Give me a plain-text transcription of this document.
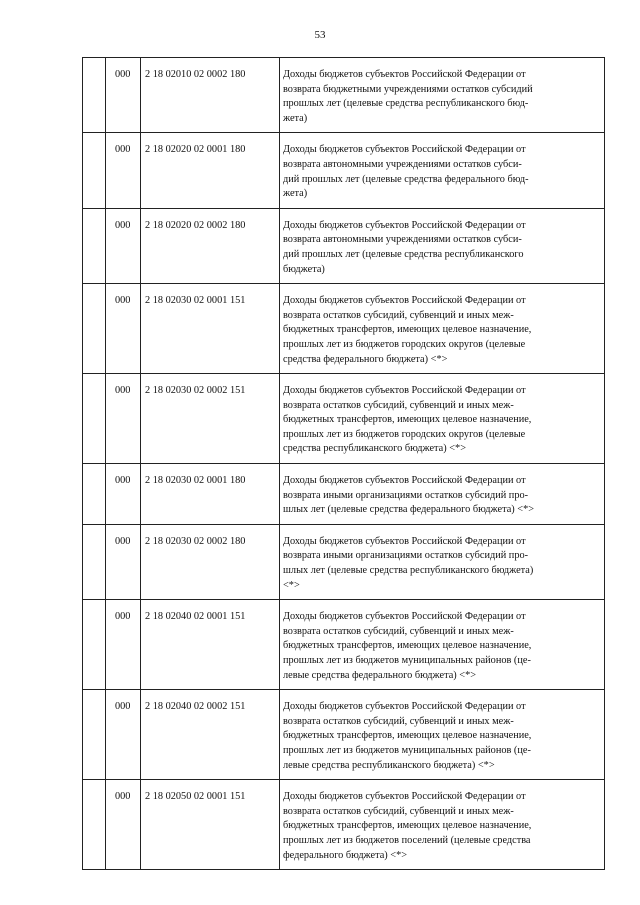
53
	000	2 18 02010 02 0002 180	Доходы бюджетов субъектов Российской Федерации от
возврата бюджетными учреждениями остатков субсидий
прошлых лет (целевые средства республиканского бюд-
жета)

	000	2 18 02020 02 0001 180	Доходы бюджетов субъектов Российской Федерации от
возврата автономными учреждениями остатков субси-
дий прошлых лет (целевые средства федерального бюд-
жета)

	000	2 18 02020 02 0002 180	Доходы бюджетов субъектов Российской Федерации от
возврата автономными учреждениями остатков субси-
дий прошлых лет (целевые средства республиканского
бюджета)

	000	2 18 02030 02 0001 151	Доходы бюджетов субъектов Российской Федерации от
возврата остатков субсидий, субвенций и иных меж-
бюджетных трансфертов, имеющих целевое назначение,
прошлых лет из бюджетов городских округов (целевые
средства федерального бюджета) <*>

	000	2 18 02030 02 0002 151	Доходы бюджетов субъектов Российской Федерации от
возврата остатков субсидий, субвенций и иных меж-
бюджетных трансфертов, имеющих целевое назначение,
прошлых лет из бюджетов городских округов (целевые
средства республиканского бюджета) <*>

	000	2 18 02030 02 0001 180	Доходы бюджетов субъектов Российской Федерации от
возврата иными организациями остатков субсидий про-
шлых лет (целевые средства федерального бюджета) <*>

	000	2 18 02030 02 0002 180	Доходы бюджетов субъектов Российской Федерации от
возврата иными организациями остатков субсидий про-
шлых лет (целевые средства республиканского бюджета)
<*>

	000	2 18 02040 02 0001 151	Доходы бюджетов субъектов Российской Федерации от
возврата остатков субсидий, субвенций и иных меж-
бюджетных трансфертов, имеющих целевое назначение,
прошлых лет из бюджетов муниципальных районов (це-
левые средства федерального бюджета) <*>

	000	2 18 02040 02 0002 151	Доходы бюджетов субъектов Российской Федерации от
возврата остатков субсидий, субвенций и иных меж-
бюджетных трансфертов, имеющих целевое назначение,
прошлых лет из бюджетов муниципальных районов (це-
левые средства республиканского бюджета) <*>

	000	2 18 02050 02 0001 151	Доходы бюджетов субъектов Российской Федерации от
возврата остатков субсидий, субвенций и иных меж-
бюджетных трансфертов, имеющих целевое назначение,
прошлых лет из бюджетов поселений (целевые средства
федерального бюджета) <*>
